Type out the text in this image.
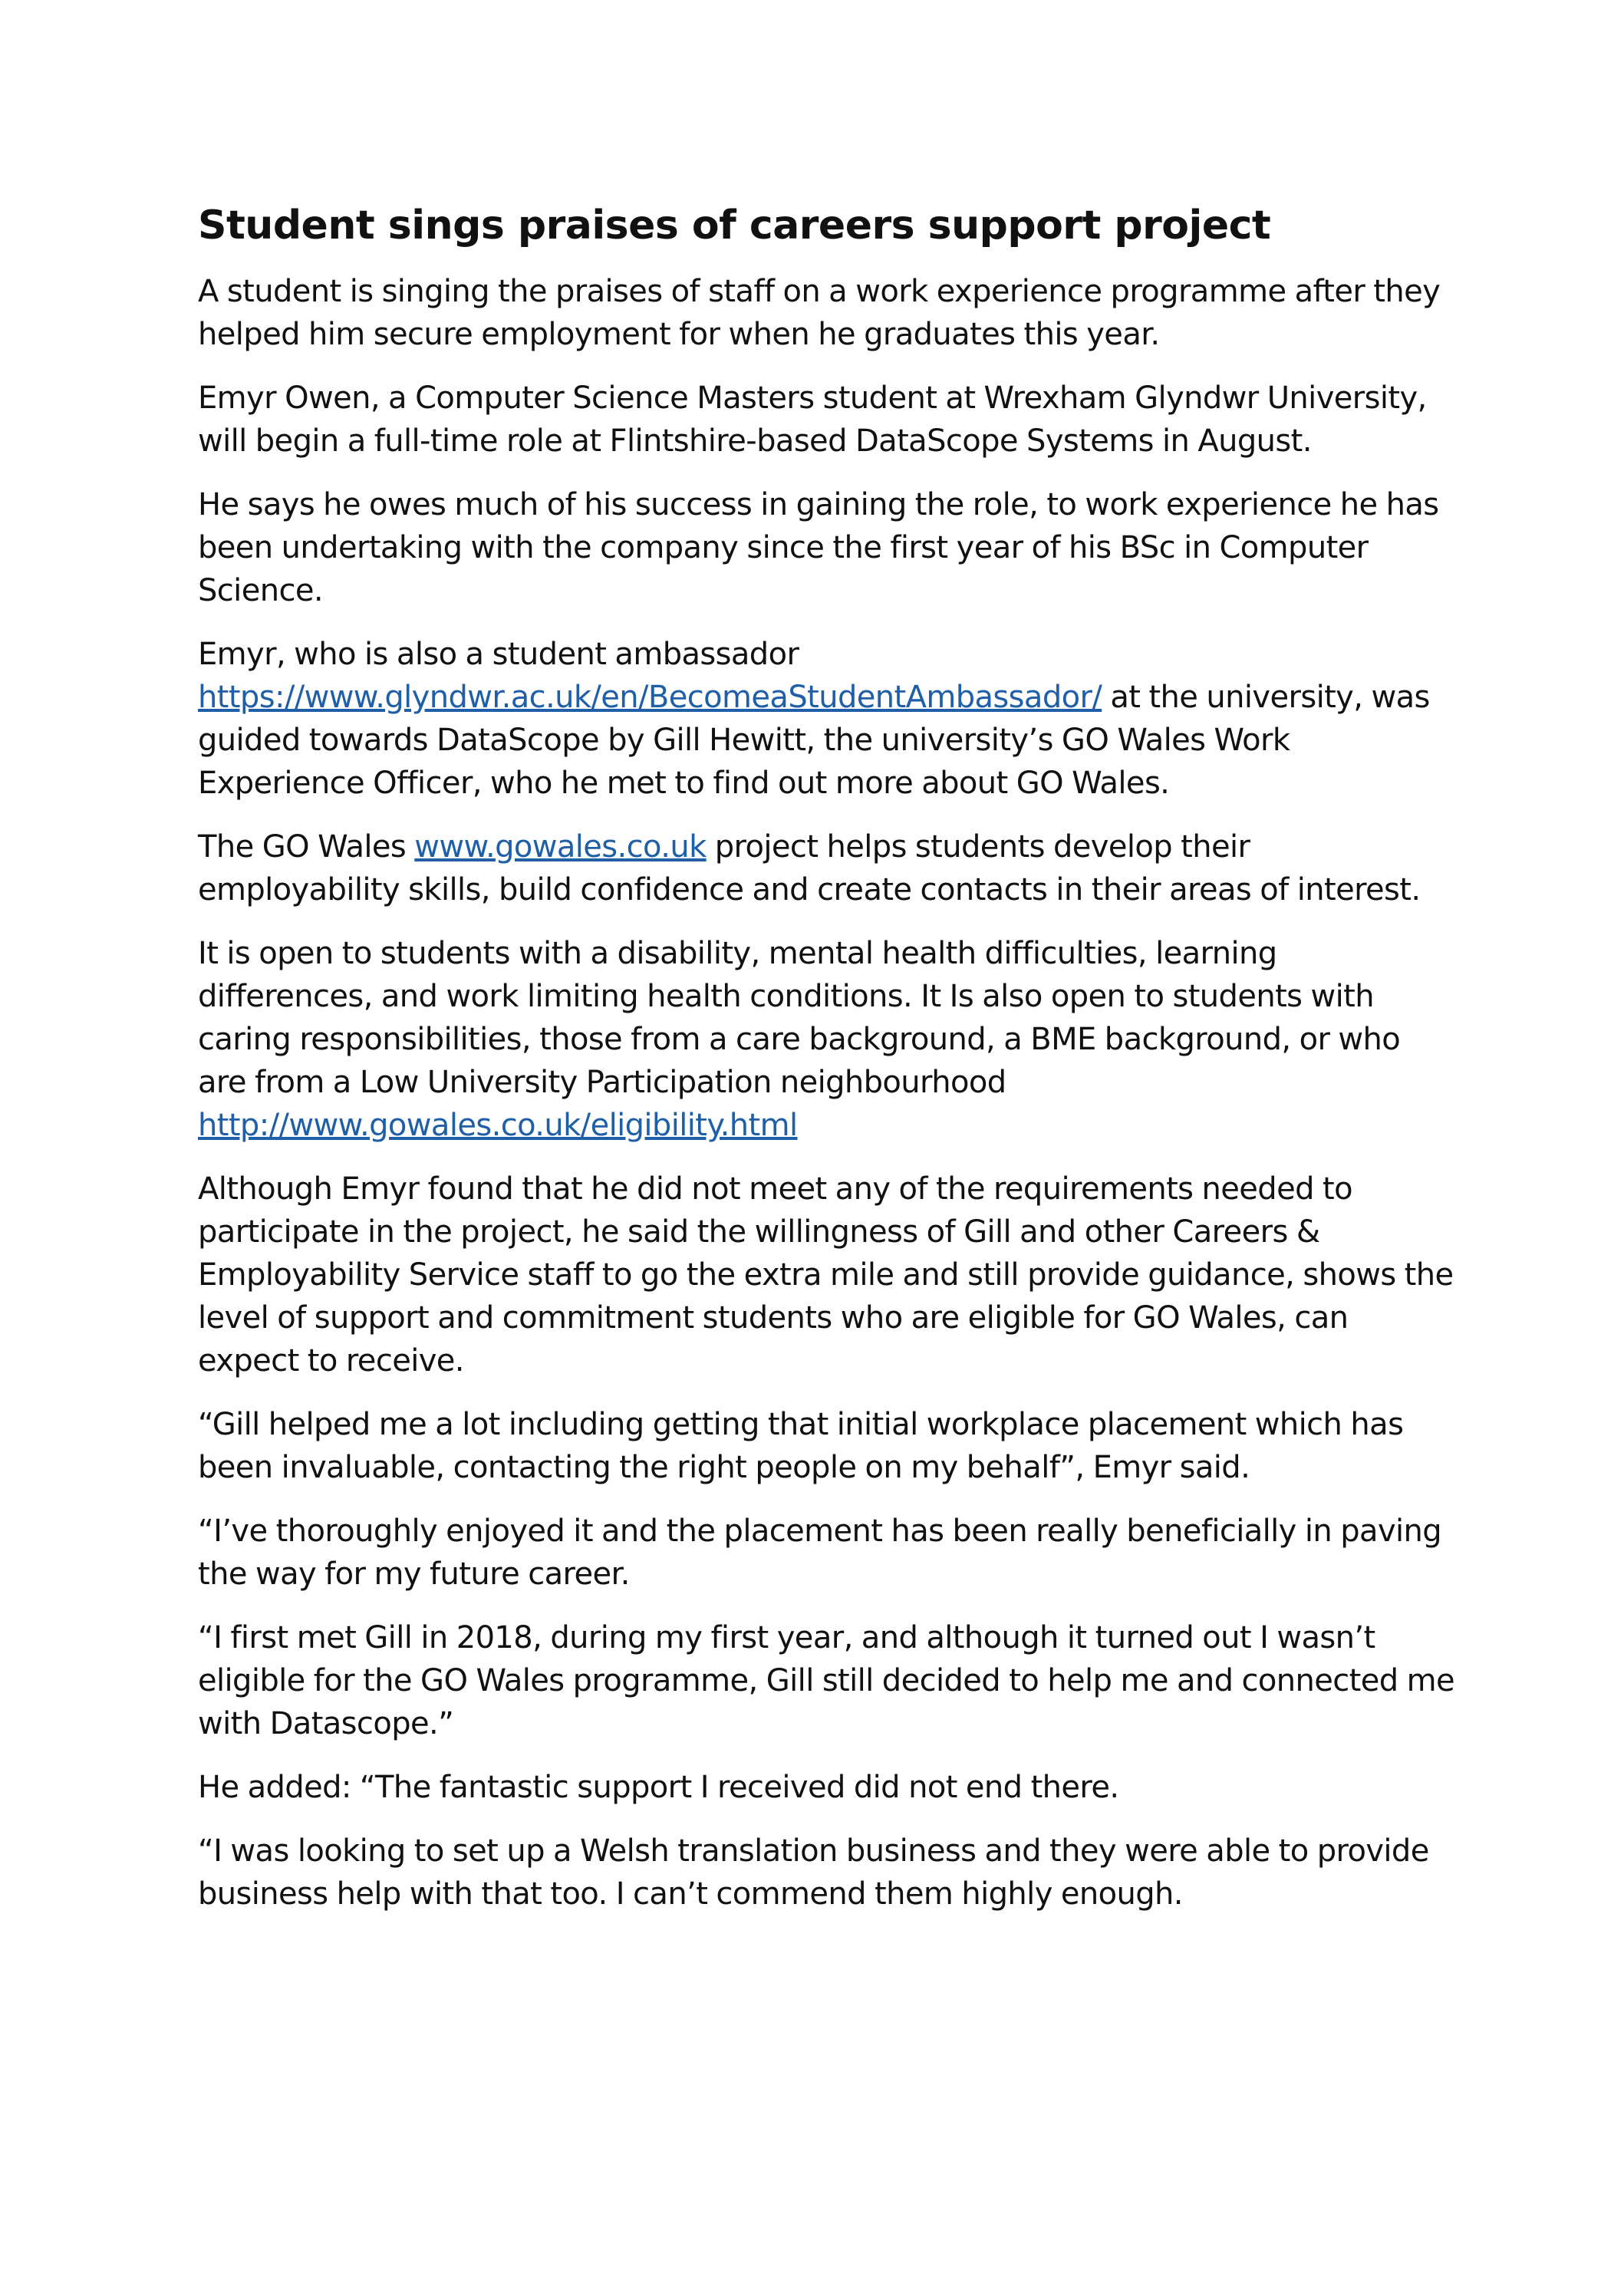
Student sings praises of careers support project

A student is singing the praises of staff on a work experience programme after they helped him secure employment for when he graduates this year.

Emyr Owen, a Computer Science Masters student at Wrexham Glyndwr University, will begin a full-time role at Flintshire-based DataScope Systems in August.

He says he owes much of his success in gaining the role, to work experience he has been undertaking with the company since the first year of his BSc in Computer Science.

Emyr, who is also a student ambassador https://www.glyndwr.ac.uk/en/BecomeaStudentAmbassador/ at the university, was guided towards DataScope by Gill Hewitt, the university’s GO Wales Work Experience Officer, who he met to find out more about GO Wales.

The GO Wales www.gowales.co.uk project helps students develop their employability skills, build confidence and create contacts in their areas of interest.

It is open to students with a disability, mental health difficulties, learning differences, and work limiting health conditions. It Is also open to students with caring responsibilities, those from a care background, a BME background, or who are from a Low University Participation neighbourhood http://www.gowales.co.uk/eligibility.html

Although Emyr found that he did not meet any of the requirements needed to participate in the project, he said the willingness of Gill and other Careers & Employability Service staff to go the extra mile and still provide guidance, shows the level of support and commitment students who are eligible for GO Wales, can expect to receive.

“Gill helped me a lot including getting that initial workplace placement which has been invaluable, contacting the right people on my behalf”, Emyr said.

“I’ve thoroughly enjoyed it and the placement has been really beneficially in paving the way for my future career.

“I first met Gill in 2018, during my first year, and although it turned out I wasn’t eligible for the GO Wales programme, Gill still decided to help me and connected me with Datascope.”

He added: “The fantastic support I received did not end there.

“I was looking to set up a Welsh translation business and they were able to provide business help with that too. I can’t commend them highly enough.
